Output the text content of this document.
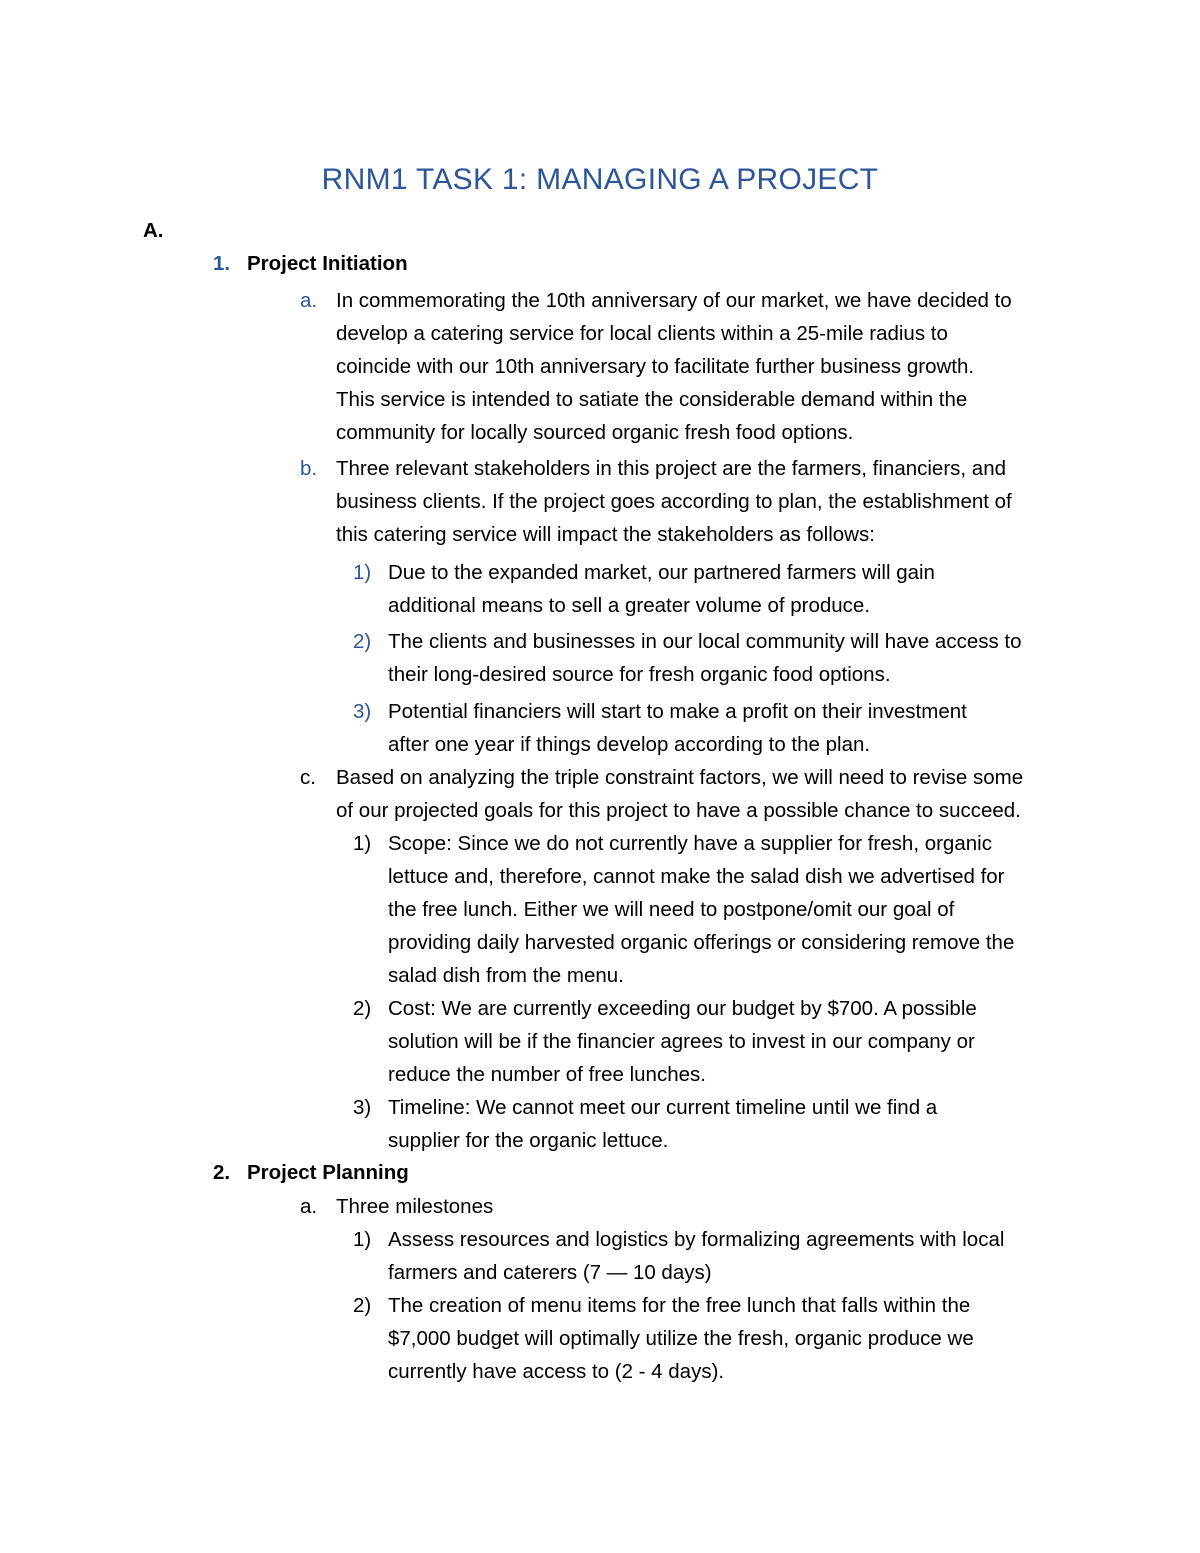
RNM1 TASK 1: MANAGING A PROJECT
A.
1. Project Initiation
a. In commemorating the 10th anniversary of our market, we have decided to
develop a catering service for local clients within a 25-mile radius to
coincide with our 10th anniversary to facilitate further business growth.
This service is intended to satiate the considerable demand within the
community for locally sourced organic fresh food options.
b. Three relevant stakeholders in this project are the farmers, financiers, and
business clients. If the project goes according to plan, the establishment of
this catering service will impact the stakeholders as follows:
1) Due to the expanded market, our partnered farmers will gain
additional means to sell a greater volume of produce.
2) The clients and businesses in our local community will have access to
their long-desired source for fresh organic food options.
3) Potential financiers will start to make a profit on their investment
after one year if things develop according to the plan.
c. Based on analyzing the triple constraint factors, we will need to revise some
of our projected goals for this project to have a possible chance to succeed.
1) Scope: Since we do not currently have a supplier for fresh, organic
lettuce and, therefore, cannot make the salad dish we advertised for
the free lunch. Either we will need to postpone/omit our goal of
providing daily harvested organic offerings or considering remove the
salad dish from the menu.
2) Cost: We are currently exceeding our budget by $700. A possible
solution will be if the financier agrees to invest in our company or
reduce the number of free lunches.
3) Timeline: We cannot meet our current timeline until we find a
supplier for the organic lettuce.
2. Project Planning
a. Three milestones
1) Assess resources and logistics by formalizing agreements with local
farmers and caterers (7 — 10 days)
2) The creation of menu items for the free lunch that falls within the
$7,000 budget will optimally utilize the fresh, organic produce we
currently have access to (2 - 4 days).
